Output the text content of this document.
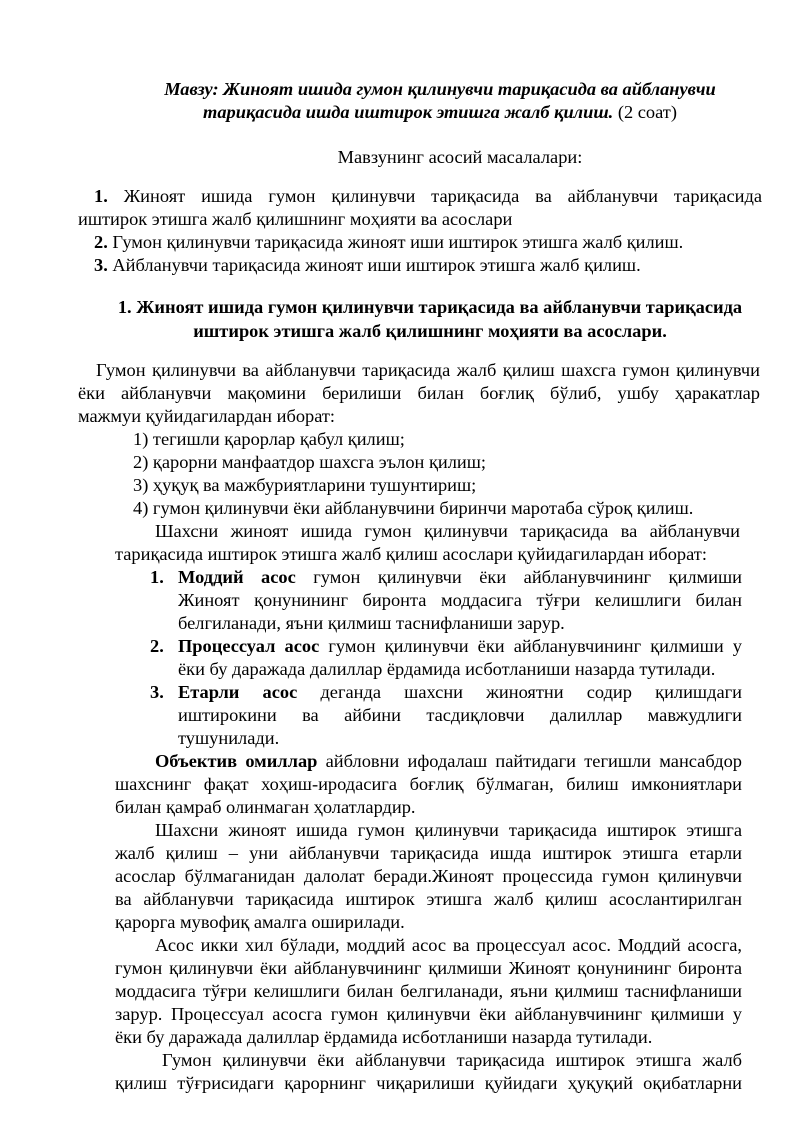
Мавзу: Жиноят ишида гумон қилинувчи тариқасида ва айбланувчи
тариқасида ишда иштирок этишга жалб қилиш. (2 соат)
Мавзунинг асосий масалалари:
1. Жиноят ишида гумон қилинувчи тариқасида ва айбланувчи тариқасида
иштирок этишга жалб қилишнинг моҳияти ва асослари
2. Гумон қилинувчи тариқасида жиноят иши иштирок этишга жалб қилиш.
3. Айбланувчи тариқасида жиноят иши иштирок этишга жалб қилиш.
1. Жиноят ишида гумон қилинувчи тариқасида ва айбланувчи тариқасида
иштирок этишга жалб қилишнинг моҳияти ва асослари.
Гумон қилинувчи ва айбланувчи тариқасида жалб қилиш шахсга гумон қилинувчи
ёки айбланувчи мақомини берилиши билан боғлиқ бўлиб, ушбу ҳаракатлар
мажмуи қуйидагилардан иборат:
1) тегишли қарорлар қабул қилиш;
2) қарорни манфаатдор шахсга эълон қилиш;
3) ҳуқуқ ва мажбуриятларини тушунтириш;
4) гумон қилинувчи ёки айбланувчини биринчи маротаба сўроқ қилиш.
Шахсни жиноят ишида гумон қилинувчи тариқасида ва айбланувчи
тариқасида иштирок этишга жалб қилиш асослари қуйидагилардан иборат:
1. Моддий асос гумон қилинувчи ёки айбланувчининг қилмиши
Жиноят қонунининг биронта моддасига тўғри келишлиги билан
белгиланади, яъни қилмиш таснифланиши зарур.
2. Процессуал асос гумон қилинувчи ёки айбланувчининг қилмиши у
ёки бу даражада далиллар ёрдамида исботланиши назарда тутилади.
3. Етарли асос деганда шахсни жиноятни содир қилишдаги
иштирокини ва айбини тасдиқловчи далиллар мавжудлиги
тушунилади.
Объектив омиллар айбловни ифодалаш пайтидаги тегишли мансабдор
шахснинг фақат хоҳиш-иродасига боғлиқ бўлмаган, билиш имкониятлари
билан қамраб олинмаган ҳолатлардир.
Шахсни жиноят ишида гумон қилинувчи тариқасида иштирок этишга
жалб қилиш – уни айбланувчи тариқасида ишда иштирок этишга етарли
асослар бўлмаганидан далолат беради.Жиноят процессида гумон қилинувчи
ва айбланувчи тариқасида иштирок этишга жалб қилиш асослантирилган
қарорга мувофиқ амалга оширилади.
Асос икки хил бўлади, моддий асос ва процессуал асос. Моддий асосга,
гумон қилинувчи ёки айбланувчининг қилмиши Жиноят қонунининг биронта
моддасига тўғри келишлиги билан белгиланади, яъни қилмиш таснифланиши
зарур. Процессуал асосга гумон қилинувчи ёки айбланувчининг қилмиши у
ёки бу даражада далиллар ёрдамида исботланиши назарда тутилади.
Гумон қилинувчи ёки айбланувчи тариқасида иштирок этишга жалб
қилиш тўғрисидаги қарорнинг чиқарилиши қуйидаги ҳуқуқий оқибатларни
